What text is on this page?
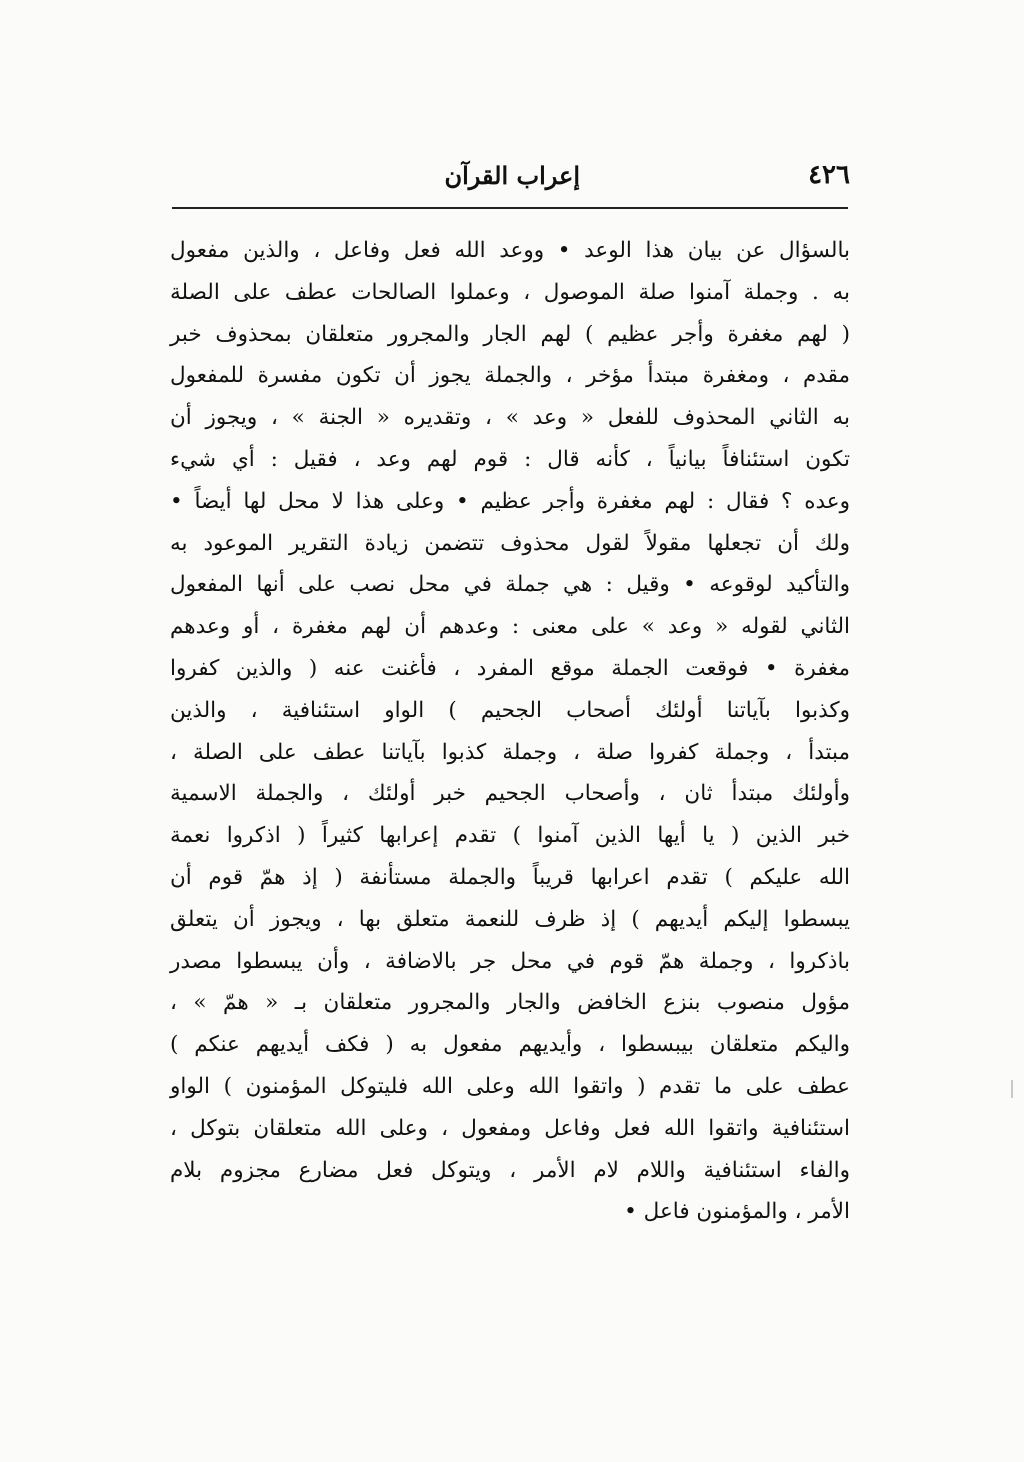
٤٢٦
إعراب القرآن
بالسؤال عن بيان هذا الوعد • ووعد الله فعل وفاعل ، والذين مفعول
به . وجملة آمنوا صلة الموصول ، وعملوا الصالحات عطف على الصلة
( لهم مغفرة وأجر عظيم ) لهم الجار والمجرور متعلقان بمحذوف خبر
مقدم ، ومغفرة مبتدأ مؤخر ، والجملة يجوز أن تكون مفسرة للمفعول
به الثاني المحذوف للفعل « وعد » ، وتقديره « الجنة » ، ويجوز أن
تكون استئنافاً بيانياً ، كأنه قال : قوم لهم وعد ، فقيل : أي شيء
وعده ؟ فقال : لهم مغفرة وأجر عظيم • وعلى هذا لا محل لها أيضاً •
ولك أن تجعلها مقولاً لقول محذوف تتضمن زيادة التقرير الموعود به
والتأكيد لوقوعه • وقيل : هي جملة في محل نصب على أنها المفعول
الثاني لقوله « وعد » على معنى : وعدهم أن لهم مغفرة ، أو وعدهم
مغفرة • فوقعت الجملة موقع المفرد ، فأغنت عنه ( والذين كفروا
وكذبوا بآياتنا أولئك أصحاب الجحيم ) الواو استئنافية ، والذين
مبتدأ ، وجملة كفروا صلة ، وجملة كذبوا بآياتنا عطف على الصلة ،
وأولئك مبتدأ ثان ، وأصحاب الجحيم خبر أولئك ، والجملة الاسمية
خبر الذين ( يا أيها الذين آمنوا ) تقدم إعرابها كثيراً ( اذكروا نعمة
الله عليكم ) تقدم اعرابها قريباً والجملة مستأنفة ( إذ همّ قوم أن
يبسطوا إليكم أيديهم ) إذ ظرف للنعمة متعلق بها ، ويجوز أن يتعلق
باذكروا ، وجملة همّ قوم في محل جر بالاضافة ، وأن يبسطوا مصدر
مؤول منصوب بنزع الخافض والجار والمجرور متعلقان بـ « همّ » ،
واليكم متعلقان بيبسطوا ، وأيديهم مفعول به ( فكف أيديهم عنكم )
عطف على ما تقدم ( واتقوا الله وعلى الله فليتوكل المؤمنون ) الواو
استئنافية واتقوا الله فعل وفاعل ومفعول ، وعلى الله متعلقان بتوكل ،
والفاء استئنافية واللام لام الأمر ، ويتوكل فعل مضارع مجزوم بلام
الأمر ، والمؤمنون فاعل •
